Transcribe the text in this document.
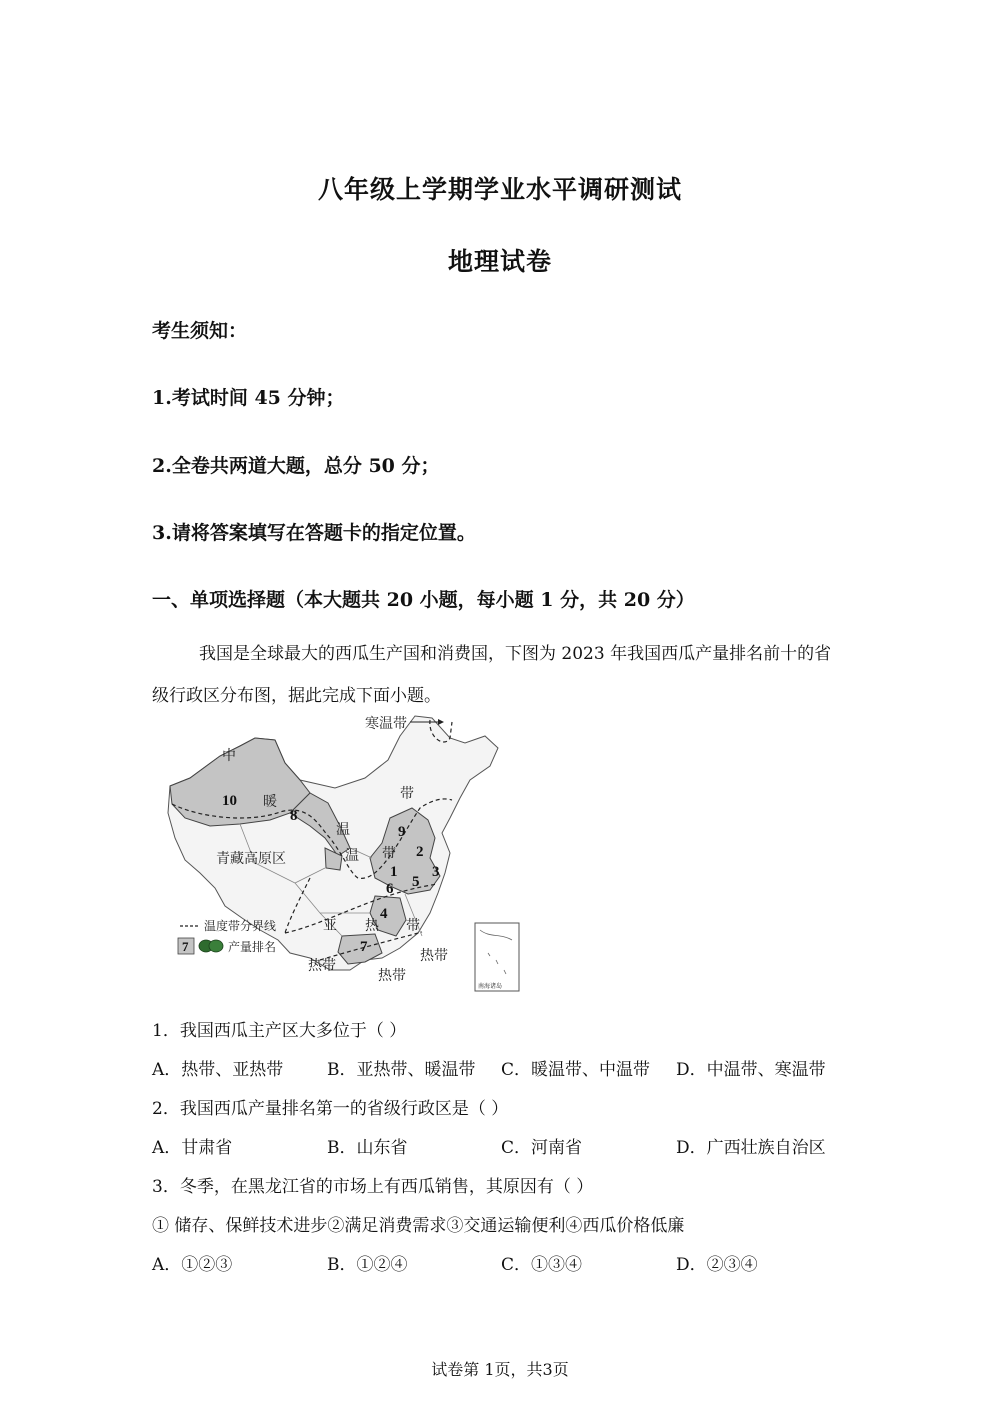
八年级上学期学业水平调研测试
地理试卷
考生须知：
1.考试时间 45 分钟；
2.全卷共两道大题，总分 50 分；
3.请将答案填写在答题卡的指定位置。
一、单项选择题（本大题共 20 小题，每小题 1 分，共 20 分）
我国是全球最大的西瓜生产国和消费国，下图为 2023 年我国西瓜产量排名前十的省
级行政区分布图，据此完成下面小题。
寒温带
中
暖	带
温
温 带
青藏高原区
亚 热 带
热带
热带
热带
1
2
3
4
5
6
7
8
9
10
温度带分界线
7	产量排名
南海诸岛
1．我国西瓜主产区大多位于（ ）
A．热带、亚热带	B．亚热带、暖温带 C．暖温带、中温带 D．中温带、寒温带
2．我国西瓜产量排名第一的省级行政区是（ ）
A．甘肃省	B．山东省	C．河南省	D．广西壮族自治区
3．冬季，在黑龙江省的市场上有西瓜销售，其原因有（ ）
① 储存、保鲜技术进步②满足消费需求③交通运输便利④西瓜价格低廉
A．①②③	B．①②④	C．①③④	D．②③④
试卷第 1页，共3页
